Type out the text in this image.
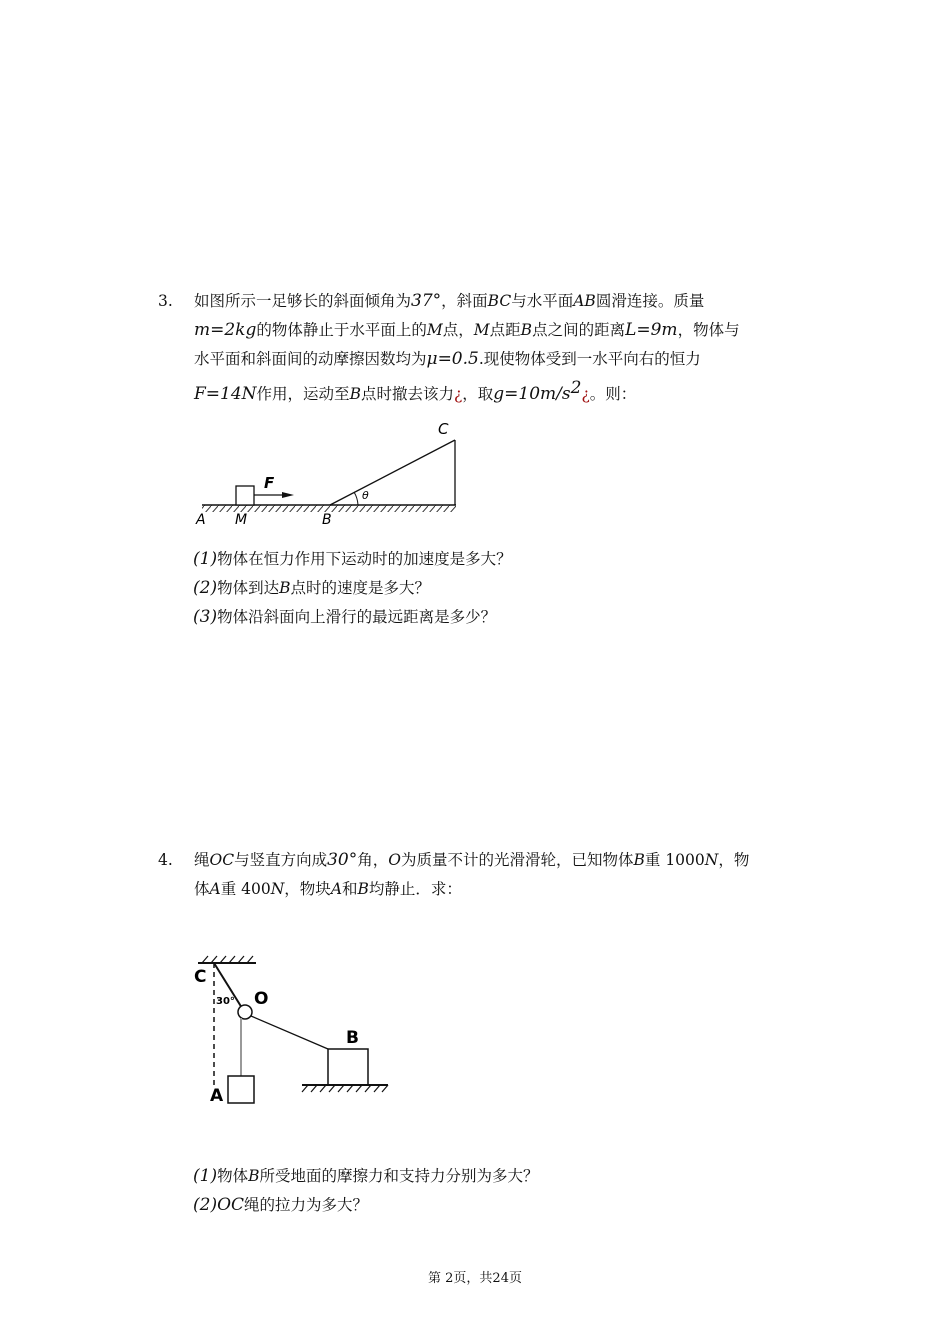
3. 如图所示一足够长的斜面倾角为37°，斜面BC与水平面AB圆滑连接。质量
m=2kg的物体静止于水平面上的M点，M点距B点之间的距离L=9m，物体与
水平面和斜面间的动摩擦因数均为μ=0.5.现使物体受到一水平向右的恒力
F=14N作用，运动至B点时撤去该力¿，取$g=10m/s^2¿$。则：
C
F
A M	B
θ
(1)物体在恒力作用下运动时的加速度是多大？
(2)物体到达B点时的速度是多大？
(3)物体沿斜面向上滑行的最远距离是多少？
4. 绳OC与竖直方向成30°角，O为质量不计的光滑滑轮，已知物体B重 1000N，物
体A重 400N，物块A和B均静止．求：
C
30° O
B
A
(1)物体B所受地面的摩擦力和支持力分别为多大？
(2)OC绳的拉力为多大？
第 2页，共24页
